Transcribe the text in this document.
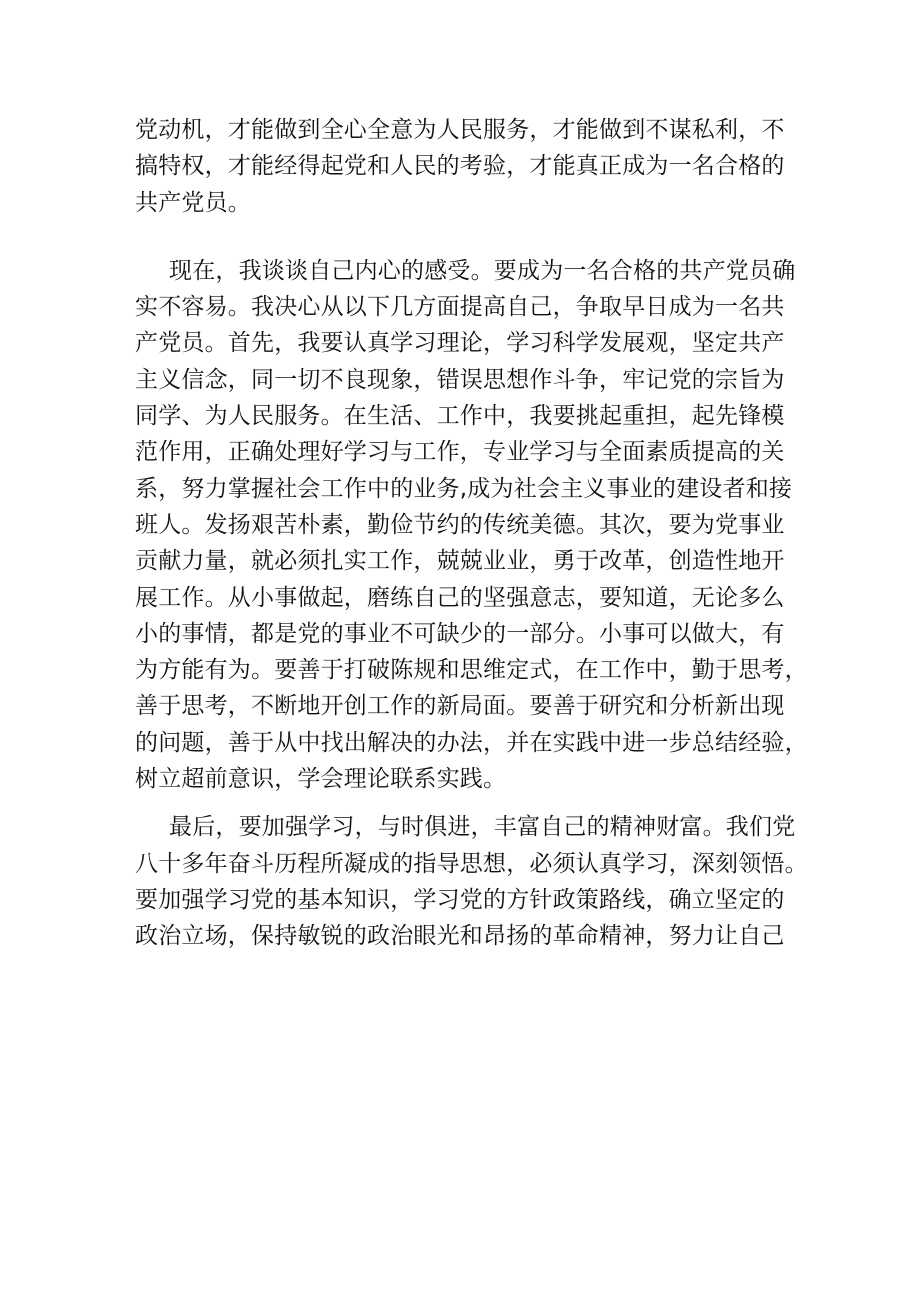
党动机，才能做到全心全意为人民服务，才能做到不谋私利，不
搞特权，才能经得起党和人民的考验，才能真正成为一名合格的
共产党员。
现在，我谈谈自己内心的感受。要成为一名合格的共产党员确
实不容易。我决心从以下几方面提高自己，争取早日成为一名共
产党员。首先，我要认真学习理论，学习科学发展观，坚定共产
主义信念，同一切不良现象，错误思想作斗争，牢记党的宗旨为
同学、为人民服务。在生活、工作中，我要挑起重担，起先锋模
范作用，正确处理好学习与工作，专业学习与全面素质提高的关
系，努力掌握社会工作中的业务,成为社会主义事业的建设者和接
班人。发扬艰苦朴素，勤俭节约的传统美德。其次，要为党事业
贡献力量，就必须扎实工作，兢兢业业，勇于改革，创造性地开
展工作。从小事做起，磨练自己的坚强意志，要知道，无论多么
小的事情，都是党的事业不可缺少的一部分。小事可以做大，有
为方能有为。要善于打破陈规和思维定式，在工作中，勤于思考，
善于思考，不断地开创工作的新局面。要善于研究和分析新出现
的问题，善于从中找出解决的办法，并在实践中进一步总结经验，
树立超前意识，学会理论联系实践。
最后，要加强学习，与时俱进，丰富自己的精神财富。我们党
八十多年奋斗历程所凝成的指导思想，必须认真学习，深刻领悟。
要加强学习党的基本知识，学习党的方针政策路线，确立坚定的
政治立场，保持敏锐的政治眼光和昂扬的革命精神，努力让自己
